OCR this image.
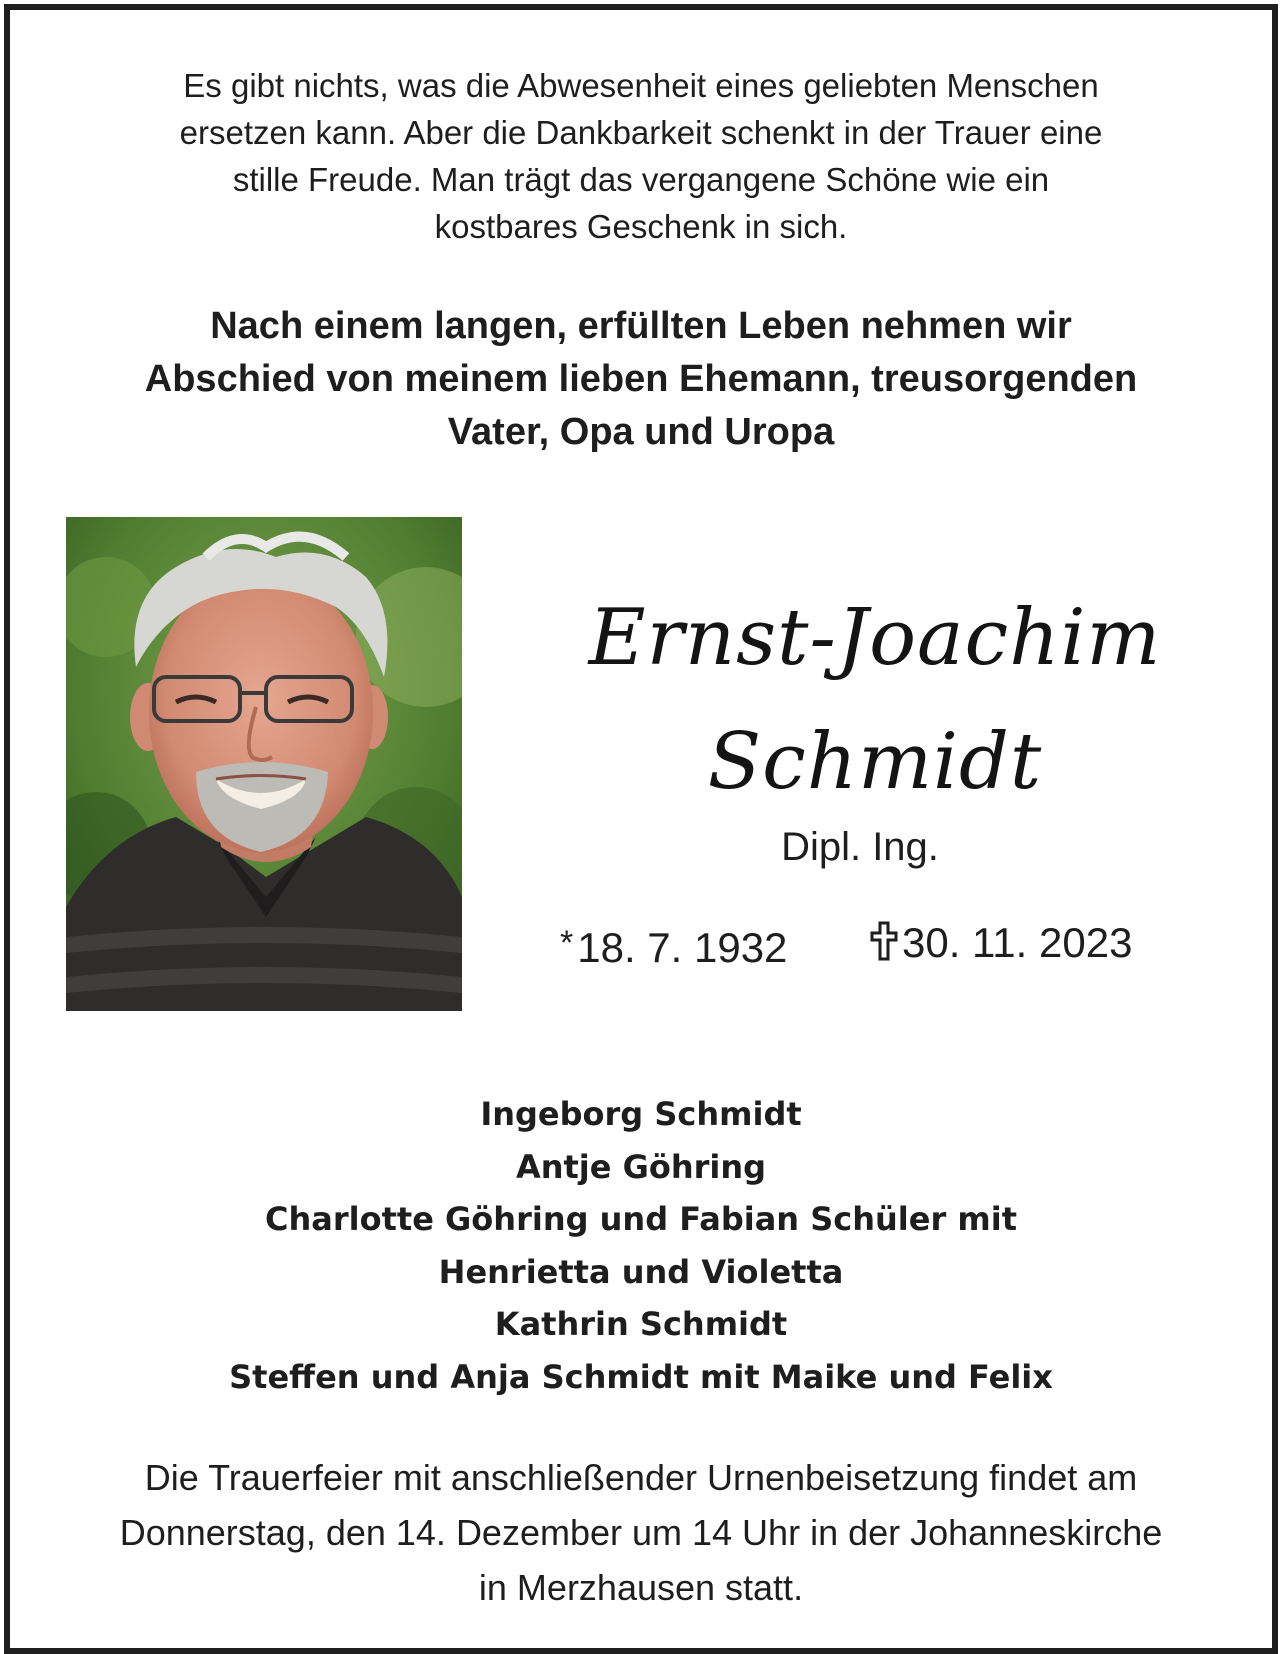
Es gibt nichts, was die Abwesenheit eines geliebten Menschen
ersetzen kann. Aber die Dankbarkeit schenkt in der Trauer eine
stille Freude. Man trägt das vergangene Schöne wie ein
kostbares Geschenk in sich.
Nach einem langen, erfüllten Leben nehmen wir
Abschied von meinem lieben Ehemann, treusorgenden
Vater, Opa und Uropa
Ernst-Joachim
Schmidt
Dipl. Ing.
*18. 7. 1932	30. 11. 2023
Ingeborg Schmidt
Antje Göhring
Charlotte Göhring und Fabian Schüler mit
Henrietta und Violetta
Kathrin Schmidt
Steffen und Anja Schmidt mit Maike und Felix
Die Trauerfeier mit anschließender Urnenbeisetzung findet am
Donnerstag, den 14. Dezember um 14 Uhr in der Johanneskirche
in Merzhausen statt.
